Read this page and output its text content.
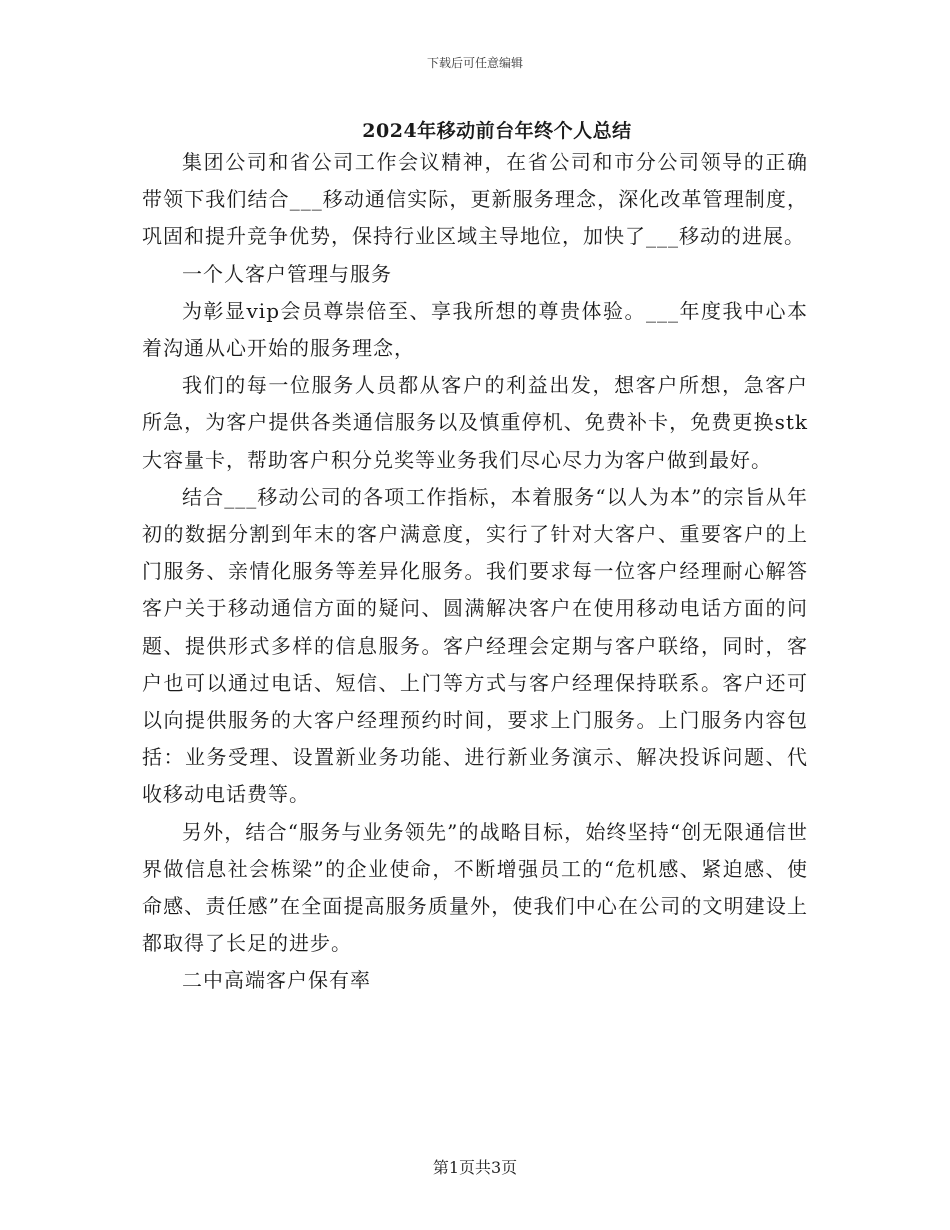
下载后可任意编辑
2024年移动前台年终个人总结

集团公司和省公司工作会议精神，在省公司和市分公司领导的正确带领下我们结合___移动通信实际，更新服务理念，深化改革管理制度，巩固和提升竞争优势，保持行业区域主导地位，加快了___移动的进展。

一个人客户管理与服务

为彰显vip会员尊崇倍至、享我所想的尊贵体验。___年度我中心本着沟通从心开始的服务理念，

我们的每一位服务人员都从客户的利益出发，想客户所想，急客户所急，为客户提供各类通信服务以及慎重停机、免费补卡，免费更换stk大容量卡，帮助客户积分兑奖等业务我们尽心尽力为客户做到最好。

结合___移动公司的各项工作指标，本着服务“以人为本”的宗旨从年初的数据分割到年末的客户满意度，实行了针对大客户、重要客户的上门服务、亲情化服务等差异化服务。我们要求每一位客户经理耐心解答客户关于移动通信方面的疑问、圆满解决客户在使用移动电话方面的问题、提供形式多样的信息服务。客户经理会定期与客户联络，同时，客户也可以通过电话、短信、上门等方式与客户经理保持联系。客户还可以向提供服务的大客户经理预约时间，要求上门服务。上门服务内容包括：业务受理、设置新业务功能、进行新业务演示、解决投诉问题、代收移动电话费等。

另外，结合“服务与业务领先”的战略目标，始终坚持“创无限通信世界做信息社会栋梁”的企业使命，不断增强员工的“危机感、紧迫感、使命感、责任感”在全面提高服务质量外，使我们中心在公司的文明建设上都取得了长足的进步。

二中高端客户保有率

第1页共3页
